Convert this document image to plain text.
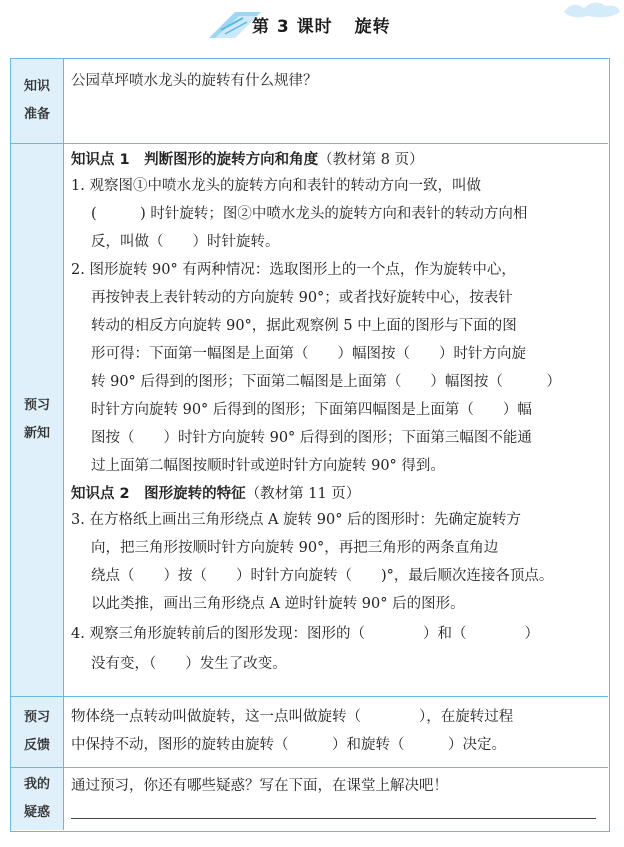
第 3 课时 旋转
知识
准备
公园草坪喷水龙头的旋转有什么规律？
预习
新知
知识点 1　判断图形的旋转方向和角度（教材第 8 页）
1. 观察图①中喷水龙头的旋转方向和表针的转动方向一致，叫做
(　　　) 时针旋转；图②中喷水龙头的旋转方向和表针的转动方向相
反，叫做（　　）时针旋转。
2. 图形旋转 90° 有两种情况：选取图形上的一个点，作为旋转中心，
再按钟表上表针转动的方向旋转 90°；或者找好旋转中心，按表针
转动的相反方向旋转 90°，据此观察例 5 中上面的图形与下面的图
形可得：下面第一幅图是上面第（　　）幅图按（　　）时针方向旋
转 90° 后得到的图形；下面第二幅图是上面第（　　）幅图按（　　　）
时针方向旋转 90° 后得到的图形；下面第四幅图是上面第（　　）幅
图按（　　）时针方向旋转 90° 后得到的图形；下面第三幅图不能通
过上面第二幅图按顺时针或逆时针方向旋转 90° 得到。
知识点 2　图形旋转的特征（教材第 11 页）
3. 在方格纸上画出三角形绕点 A 旋转 90° 后的图形时：先确定旋转方
向，把三角形按顺时针方向旋转 90°，再把三角形的两条直角边
绕点（　　）按（　　）时针方向旋转（　　)°，最后顺次连接各顶点。
以此类推，画出三角形绕点 A 逆时针旋转 90° 后的图形。
4. 观察三角形旋转前后的图形发现：图形的（　　　　）和（　　　　）
没有变，（　　）发生了改变。
预习
反馈
物体绕一点转动叫做旋转，这一点叫做旋转（　　　　），在旋转过程
中保持不动，图形的旋转由旋转（　　　）和旋转（　　　）决定。
我的
疑惑
通过预习，你还有哪些疑惑？写在下面，在课堂上解决吧！
